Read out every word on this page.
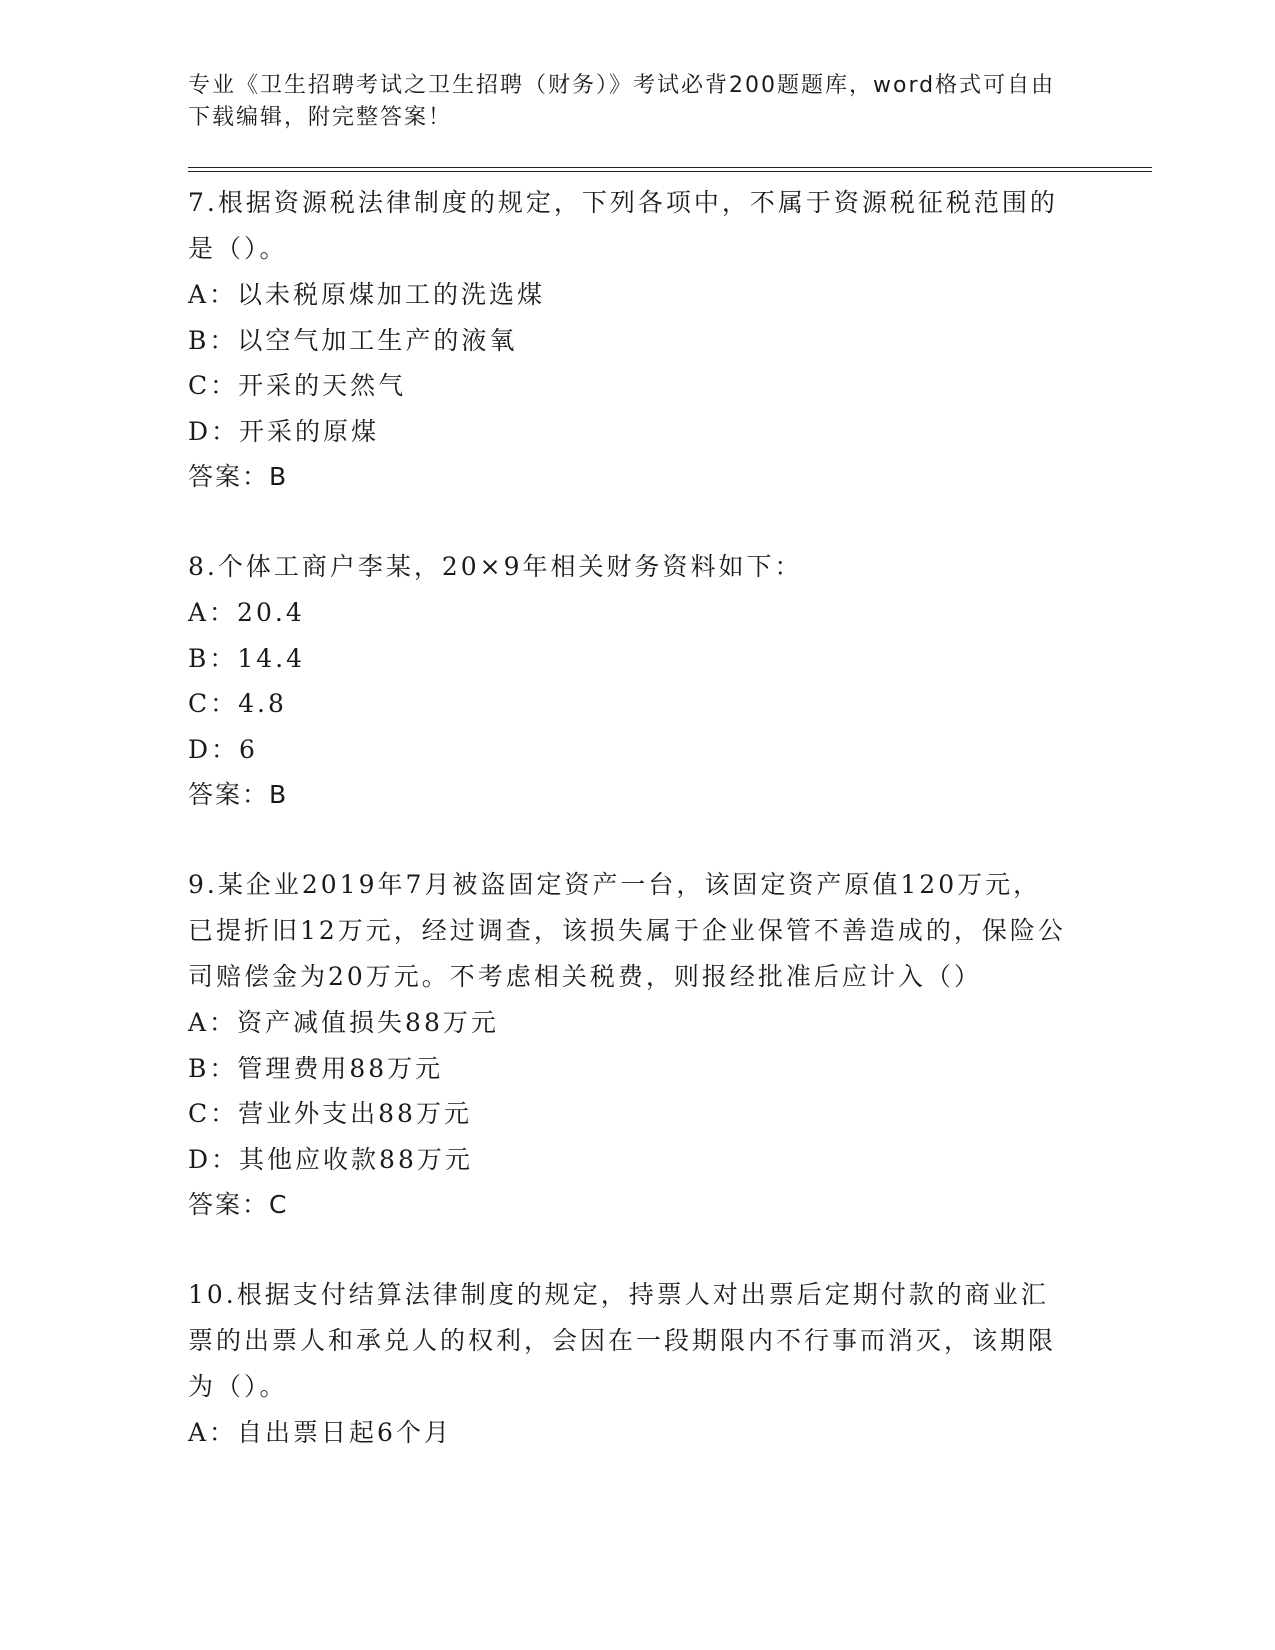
专业《卫生招聘考试之卫生招聘（财务）》考试必背200题题库，word格式可自由下载编辑，附完整答案！

7.根据资源税法律制度的规定，下列各项中，不属于资源税征税范围的是（）。

A：以未税原煤加工的洗选煤

B：以空气加工生产的液氧

C：开采的天然气

D：开采的原煤

答案：B

8.个体工商户李某，20×9年相关财务资料如下：

A：20.4

B：14.4

C：4.8

D：6

答案：B

9.某企业2019年7月被盗固定资产一台，该固定资产原值120万元，已提折旧12万元，经过调查，该损失属于企业保管不善造成的，保险公司赔偿金为20万元。不考虑相关税费，则报经批准后应计入（）

A：资产减值损失88万元

B：管理费用88万元

C：营业外支出88万元

D：其他应收款88万元

答案：C

10.根据支付结算法律制度的规定，持票人对出票后定期付款的商业汇票的出票人和承兑人的权利，会因在一段期限内不行事而消灭，该期限为（）。

A：自出票日起6个月
